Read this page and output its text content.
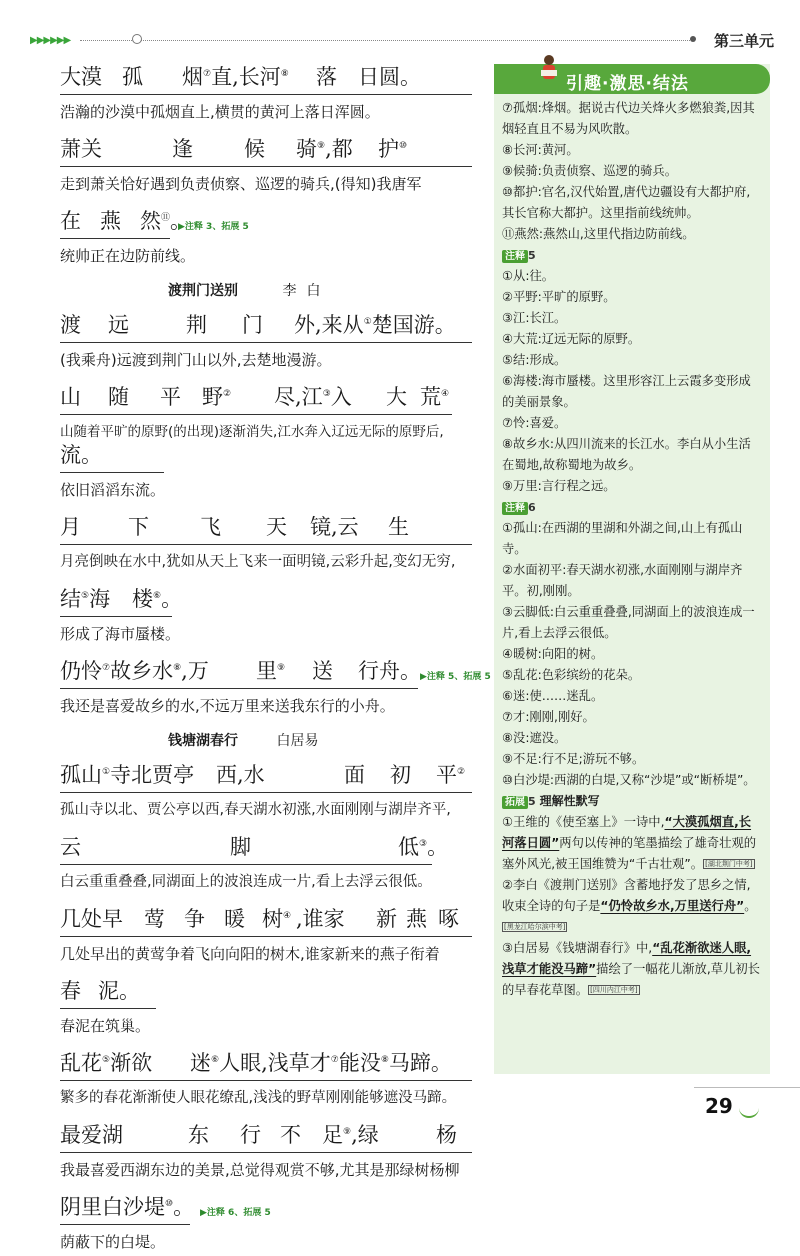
▶▶▶▶▶▶	第三单元
大漠 孤 烟⑦直,长河⑧ 落 日圆。
浩瀚的沙漠中孤烟直上,横贯的黄河上落日浑圆。
萧关	逢 候 骑⑨,都 护⑩
走到萧关恰好遇到负责侦察、巡逻的骑兵,(得知)我唐军
在 燕 然⑪。
▶注释 3、拓展 5
统帅正在边防前线。
渡荆门送别	李白
渡 远	荆 门 外,来从①楚国游。
(我乘舟)远渡到荆门山以外,去楚地漫游。
山 随 平 野② 尽,江③入 大 荒④
山随着平旷的原野(的出现)逐渐消失,江水奔入辽远无际的原野后,
流。
依旧滔滔东流。
月 下 飞 天 镜,云 生
月亮倒映在水中,犹如从天上飞来一面明镜,云彩升起,变幻无穷,
结⑤海 楼⑥。
形成了海市蜃楼。
仍怜⑦故乡水⑧,万 里⑨ 送 行舟。 ▶注释 5、拓展 5
我还是喜爱故乡的水,不远万里来送我东行的小舟。
钱塘湖春行	白居易
孤山①寺北贾亭 西,水	面 初 平②
孤山寺以北、贾公亭以西,春天湖水初涨,水面刚刚与湖岸齐平,
云	脚	低③。
白云重重叠叠,同湖面上的波浪连成一片,看上去浮云很低。
几处早 莺 争 暖 树④ ,谁家 新 燕 啄
几处早出的黄莺争着飞向向阳的树木,谁家新来的燕子衔着
春 泥。
春泥在筑巢。
乱花⑤渐欲 迷⑥人眼,浅草才⑦能没⑧马蹄。
繁多的春花渐渐使人眼花缭乱,浅浅的野草刚刚能够遮没马蹄。
最爱湖	东 行 不 足⑨,绿	杨
我最喜爱西湖东边的美景,总觉得观赏不够,尤其是那绿树杨柳
阴里白沙堤⑩。 ▶注释 6、拓展 5
荫蔽下的白堤。
引趣·激思·结法

⑦孤烟:烽烟。据说古代边关烽火多燃狼粪,因其烟轻直且不易为风吹散。

⑧长河:黄河。

⑨候骑:负责侦察、巡逻的骑兵。

⑩都护:官名,汉代始置,唐代边疆设有大都护府,其长官称大都护。这里指前线统帅。

⑪燕然:燕然山,这里代指边防前线。

注释 5

①从:往。

②平野:平旷的原野。

③江:长江。

④大荒:辽远无际的原野。

⑤结:形成。

⑥海楼:海市蜃楼。这里形容江上云霞多变形成的美丽景象。

⑦怜:喜爱。

⑧故乡水:从四川流来的长江水。李白从小生活在蜀地,故称蜀地为故乡。

⑨万里:言行程之远。

注释 6

①孤山:在西湖的里湖和外湖之间,山上有孤山寺。

②水面初平:春天湖水初涨,水面刚刚与湖岸齐平。初,刚刚。

③云脚低:白云重重叠叠,同湖面上的波浪连成一片,看上去浮云很低。

④暖树:向阳的树。

⑤乱花:色彩缤纷的花朵。

⑥迷:使……迷乱。

⑦才:刚刚,刚好。

⑧没:遮没。

⑨不足:行不足;游玩不够。

⑩白沙堤:西湖的白堤,又称“沙堤”或“断桥堤”。

拓展 5 理解性默写

①王维的《使至塞上》一诗中,“大漠孤烟直,长河落日圆”两句以传神的笔墨描绘了雄奇壮观的塞外风光,被王国维赞为“千古壮观”。 [湖北荆门中考]

②李白《渡荆门送别》含蓄地抒发了思乡之情,收束全诗的句子是“仍怜故乡水,万里送行舟”。[黑龙江哈尔滨中考]

③白居易《钱塘湖春行》中,“乱花渐欲迷人眼,浅草才能没马蹄”描绘了一幅花儿渐放,草儿初长的早春花草图。 [四川内江中考]

29
